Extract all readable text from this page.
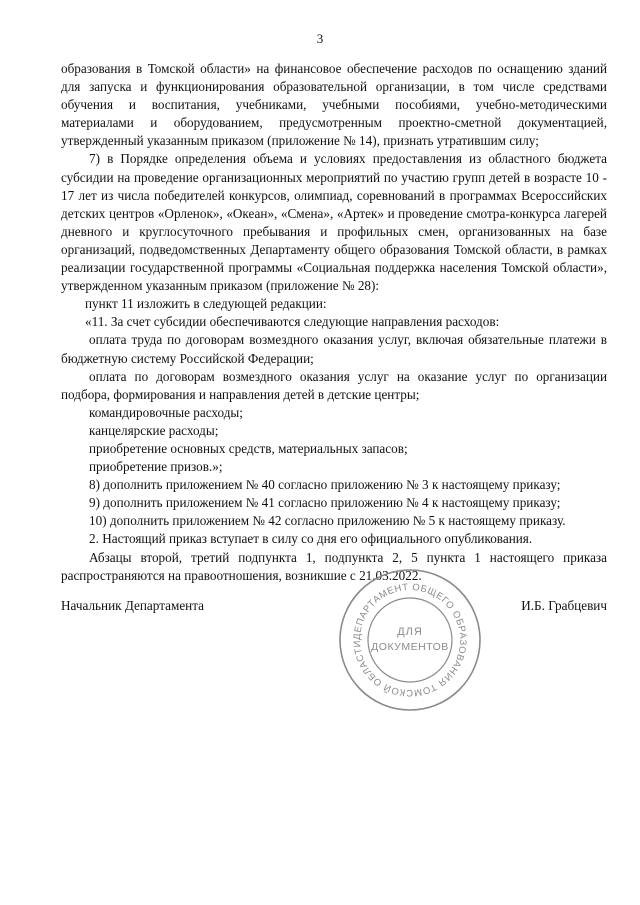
3

образования в Томской области» на финансовое обеспечение расходов по оснащению зданий для запуска и функционирования образовательной организации, в том числе средствами обучения и воспитания, учебниками, учебными пособиями, учебно-методическими материалами и оборудованием, предусмотренным проектно-сметной документацией, утвержденный указанным приказом (приложение № 14), признать утратившим силу;

7) в Порядке определения объема и условиях предоставления из областного бюджета субсидии на проведение организационных мероприятий по участию групп детей в возрасте 10 - 17 лет из числа победителей конкурсов, олимпиад, соревнований в программах Всероссийских детских центров «Орленок», «Океан», «Смена», «Артек» и проведение смотра-конкурса лагерей дневного и круглосуточного пребывания и профильных смен, организованных на базе организаций, подведомственных Департаменту общего образования Томской области, в рамках реализации государственной программы «Социальная поддержка населения Томской области», утвержденном указанным приказом (приложение № 28):

пункт 11 изложить в следующей редакции:

«11. За счет субсидии обеспечиваются следующие направления расходов:

оплата труда по договорам возмездного оказания услуг, включая обязательные платежи в бюджетную систему Российской Федерации;

оплата по договорам возмездного оказания услуг на оказание услуг по организации подбора, формирования и направления детей в детские центры;

командировочные расходы;

канцелярские расходы;

приобретение основных средств, материальных запасов;

приобретение призов.»;

8) дополнить приложением № 40 согласно приложению № 3 к настоящему приказу;

9) дополнить приложением № 41 согласно приложению № 4 к настоящему приказу;

10) дополнить приложением № 42 согласно приложению № 5 к настоящему приказу.

2. Настоящий приказ вступает в силу со дня его официального опубликования.

Абзацы второй, третий подпункта 1, подпункта 2, 5 пункта 1 настоящего приказа распространяются на правоотношения, возникшие с 21.03.2022.

Начальник Департамента	И.Б. Грабцевич
ДЕПАРТАМЕНТ ОБЩЕГО ОБРАЗОВАНИЯ ТОМСКОЙ ОБЛАСТИ
ДЛЯ
ДОКУМЕНТОВ
